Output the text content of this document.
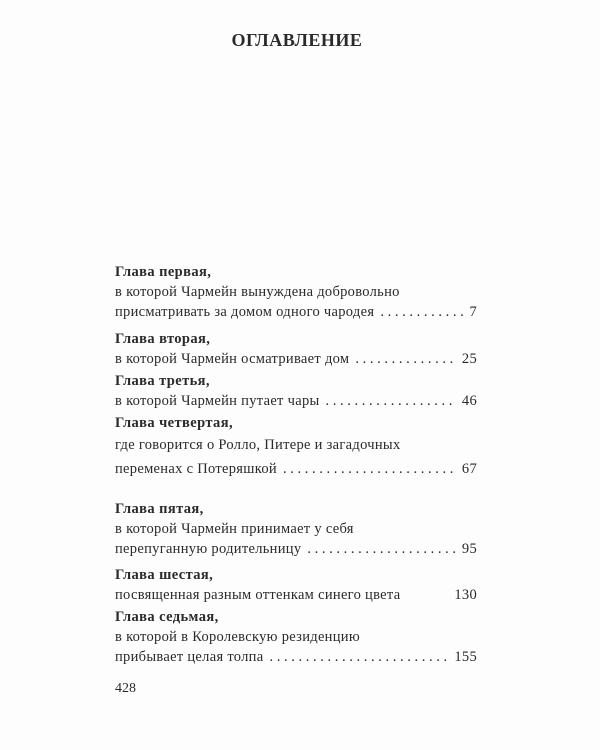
ОГЛАВЛЕНИЕ
Глава первая,
в которой Чармейн вынуждена добровольно
присматривать за домом одного чародея . . .	7
Глава вторая,
в которой Чармейн осматривает дом . . .	25
Глава третья,
в которой Чармейн путает чары . . .	46
Глава четвертая,
где говорится о Ролло, Питере и загадочных
переменах с Потеряшкой . . .	67
Глава пятая,
в которой Чармейн принимает у себя
перепуганную родительницу . . .	95
Глава шестая,
посвященная разным оттенкам синего цвета	130
Глава седьмая,
в которой в Королевскую резиденцию
прибывает целая толпа . . .	155
428
